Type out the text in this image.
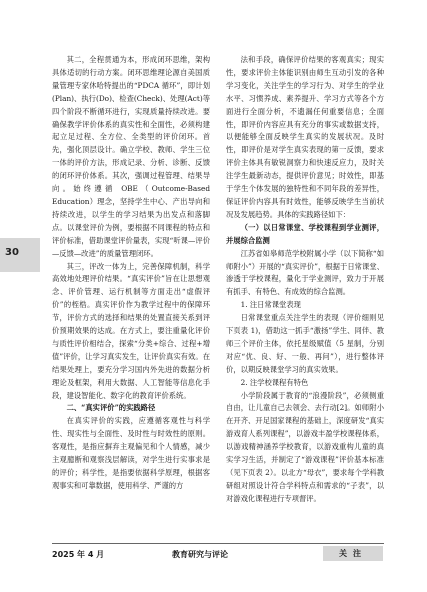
30

其二，全程贯通为本，形成闭环思维，架构具体适切的行动方案。闭环思维理论源自美国质量管理专家休哈特提出的“PDCA 循环”，即计划(Plan)、执行(Do)、检查(Check)、处理(Act)等四个阶段不断循环进行，实现质量持续改进。要确保教学评价体系的真实性和全面性，必须构建起立足过程、全方位、全类型的评价闭环。首先，强化顶层设计。确立学校、教师、学生三位一体的评价方法，形成记录、分析、诊断、反馈的闭环评价体系。其次，强调过程管理、结果导向。始终遵循 OBE（Outcome-Based Education）理念，坚持学生中心、产出导向和持续改进，以学生的学习结果为出发点和落脚点。以课堂评价为例，要根据不同课程的特点和评价标准，借助课堂评价量表，实现“听课—评价—反馈—改进”的质量管理闭环。

其三，评改一体为上，完善保障机制，科学高效地处理评价结果。“真实评价”旨在让思想观念、评价管理、运行机制等方面走出“虚假评价”的桎梏。真实评价作为教学过程中的保障环节，评价方式的选择和结果的处置直接关系到评价预期效果的达成。在方式上，要注重量化评价与质性评价相结合，探索“分类+综合、过程+增值”评价，让学习真实发生，让评价真实有效。在结果处理上，要充分学习国内外先进的数据分析理论及框架，利用大数据、人工智能等信息化手段，建设智能化、数字化的教育评价系统。

二、“真实评价”的实践路径

在真实评价的实践，应遵循客观性与科学性、现实性与全面性、及时性与时效性的原则。客观性，是指应摒弃主观偏见和个人情感，减少主观臆断和观察浅层解读，对学生进行实事求是的评价；科学性，是指要依据科学原理，根据客观事实和可靠数据，使用科学、严谨的方

法和手段，确保评价结果的客观真实；现实性，要求评价主体能识别由师生互动引发的各种学习变化，关注学生的学习行为、对学生的学业水平、习惯养成、素养提升、学习方式等各个方面进行全面分析，不遗漏任何重要信息；全面性，即评价内容应具有充分的事实或数据支持，以便能够全面反映学生真实的发展状况。及时性，即评价是对学生真实表现的第一反馈，要求评价主体具有敏锐洞察力和快速反应力，及时关注学生最新动态，提供评价意见；时效性，即基于学生个体发展的独特性和不同年段的差异性，保证评价内容具有时效性，能够反映学生当前状况及发展趋势。具体的实践路径如下：

（一）以日常课堂、学校课程到学业测评，并展综合监测

江苏省如皋师范学校附属小学（以下简称“如师附小”）开展的“真实评价”，根据于日常课堂、渗透于学校课程，量化于学业测评，致力于开展有抓手、有特色、有成效的综合监测。

1. 注日常课堂表现

日常课堂重点关注学生的表现（评价细则见下页表 1)，借助这一抓手“激扬”学生、同伴、教师三个评价主体，依托星级赋值（5 星制，分别对应“优、良、好、一般、再问”），进行整体评价，以期反映课堂学习的真实效果。

2. 注学校课程有特色

小学阶段属于教育的“浪漫阶段”，必须侧重自由，让儿童自己去领会、去行动[2]。如师附小在开齐、开足国家课程的基础上，深度研发“真实游戏育人系列课程”，以游戏丰盈学校课程体系，以游戏精神涵养学校教育，以游戏重构儿童的真实学习生活，并制定了“游戏课程”评价基本标准（见下页表 2）。以北方“母衣”，要求每个学科教研组对照设计符合学科特点和需求的“子表”，以对游戏化课程进行专项督评。

2025 年 4 月	教育研究与评论	关注
